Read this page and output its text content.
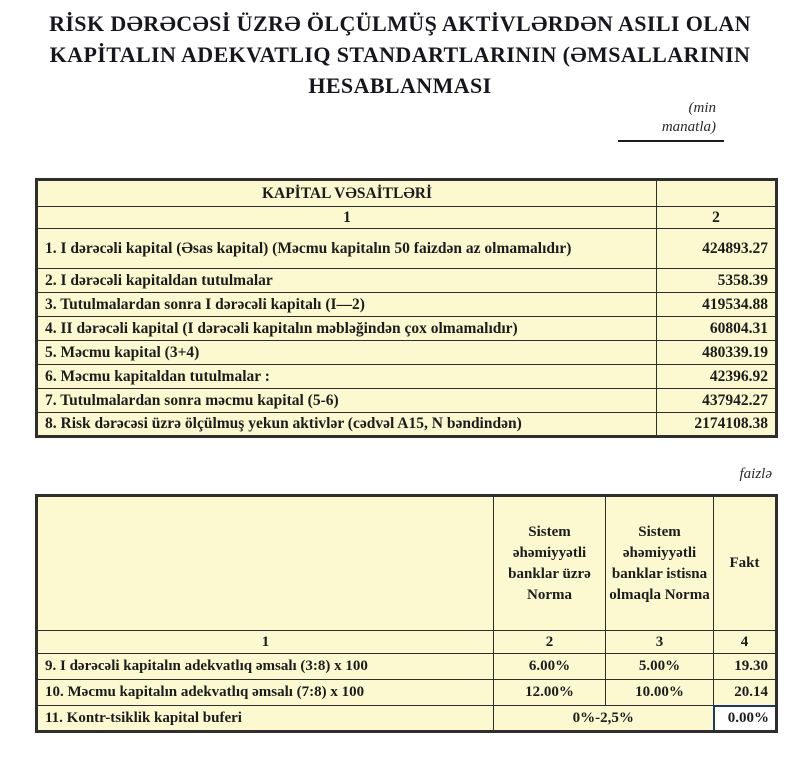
RİSK DƏRƏCƏSİ ÜZRƏ ÖLÇÜLMÜŞ AKTİVLƏRDƏN ASILI OLAN
KAPİTALIN ADEKVATLIQ STANDARTLARININ (ƏMSALLARININ
HESABLANMASI
(min
manatla)
KAPİTAL VƏSAİTLƏRİ	
1	2
1. I dərəcəli kapital (Əsas kapital) (Məcmu kapitalın 50 faizdən az olmamalıdır)	424893.27
2. I dərəcəli kapitaldan tutulmalar	5358.39
3. Tutulmalardan sonra I dərəcəli kapitalı (I—2)	419534.88
4. II dərəcəli kapital (I dərəcəli kapitalın məbləğindən çox olmamalıdır)	60804.31
5. Məcmu kapital (3+4)	480339.19
6. Məcmu kapitaldan tutulmalar :	42396.92
7. Tutulmalardan sonra məcmu kapital (5-6)	437942.27
8. Risk dərəcəsi üzrə ölçülmuş yekun aktivlər (cədvəl A15, N bəndindən)	2174108.38
faizlə
	Sistem əhəmiyyətli banklar üzrə Norma	Sistem əhəmiyyətli banklar istisna olmaqla Norma	Fakt
1	2	3	4
9. I dərəcəli kapitalın adekvatlıq əmsalı (3:8) x 100	6.00%	5.00%	19.30
10. Məcmu kapitalın adekvatlıq əmsalı (7:8) x 100	12.00%	10.00%	20.14
11. Kontr-tsiklik kapital buferi	0%-2,5%		0.00%
